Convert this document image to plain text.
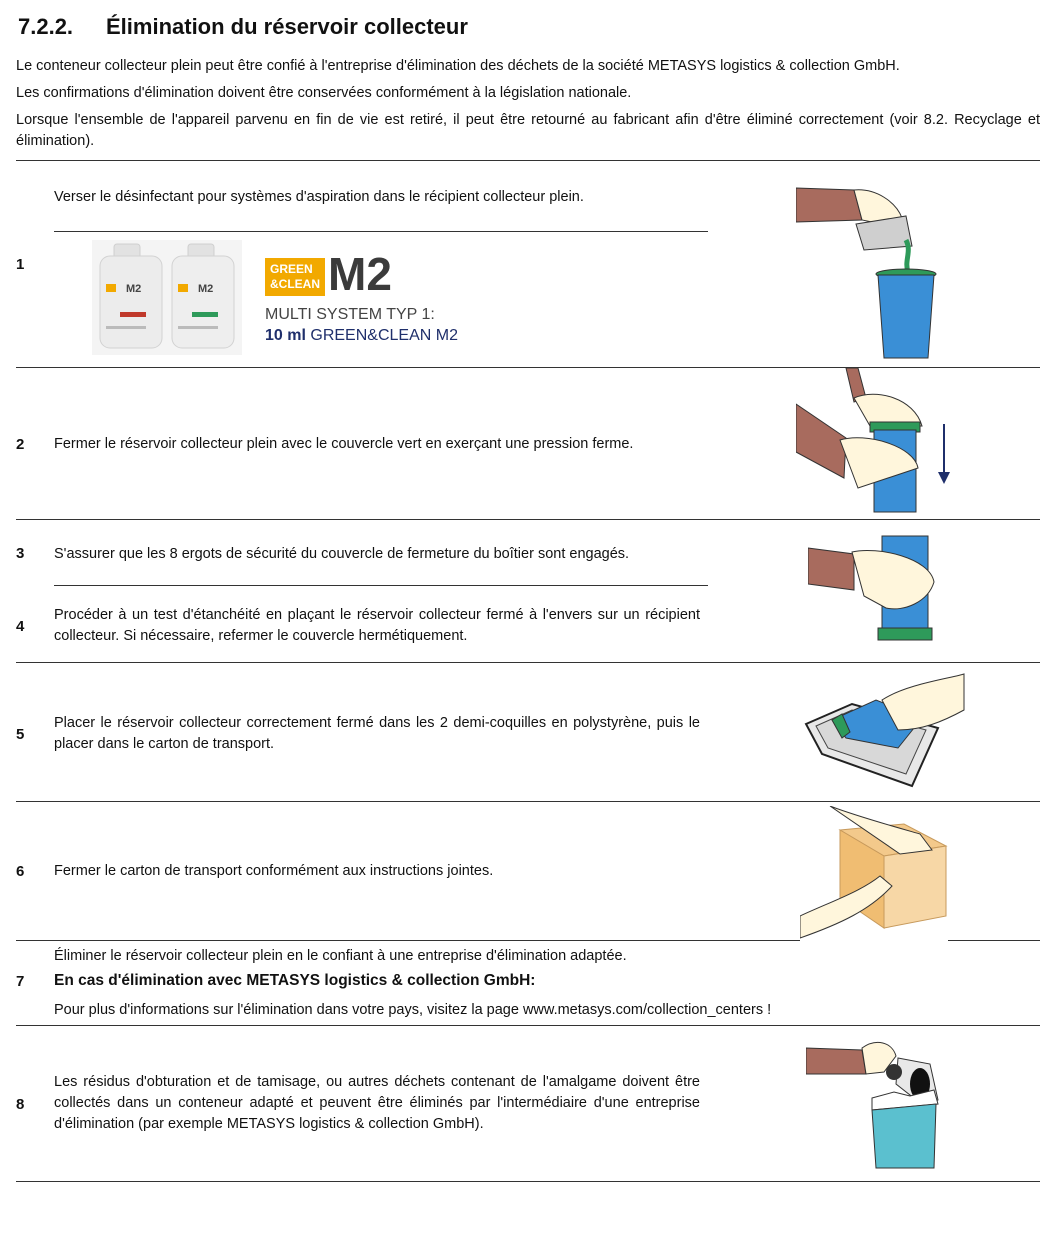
7.2.2. Élimination du réservoir collecteur
Le conteneur collecteur plein peut être confié à l'entreprise d'élimination des déchets de la société METASYS logistics & collection GmbH.
Les confirmations d'élimination doivent être conservées conformément à la législation nationale.
Lorsque l'ensemble de l'appareil parvenu en fin de vie est retiré, il peut être retourné au fabricant afin d'être éliminé correctement (voir 8.2. Recyclage et élimination).
Verser le désinfectant pour systèmes d'aspiration dans le récipient collecteur plein.
1
M2	M2
GREEN
&CLEAN M2
MULTI SYSTEM TYP 1:
10 ml GREEN&CLEAN M2
2 Fermer le réservoir collecteur plein avec le couvercle vert en exerçant une pression ferme.
3 S'assurer que les 8 ergots de sécurité du couvercle de fermeture du boîtier sont engagés.
4
Procéder à un test d'étanchéité en plaçant le réservoir collecteur fermé à l'envers sur un récipient collecteur. Si nécessaire, refermer le couvercle hermétiquement.
5
Placer le réservoir collecteur correctement fermé dans les 2 demi-coquilles en polystyrène, puis le placer dans le carton de transport.
6 Fermer le carton de transport conformément aux instructions jointes.
Éliminer le réservoir collecteur plein en le confiant à une entreprise d'élimination adaptée.
7 En cas d'élimination avec METASYS logistics & collection GmbH:
Pour plus d'informations sur l'élimination dans votre pays, visitez la page www.metasys.com/collection_centers !
8
Les résidus d'obturation et de tamisage, ou autres déchets contenant de l'amalgame doivent être collectés dans un conteneur adapté et peuvent être éliminés par l'intermédiaire d'une entreprise d'élimination (par exemple METASYS logistics & collection GmbH).
